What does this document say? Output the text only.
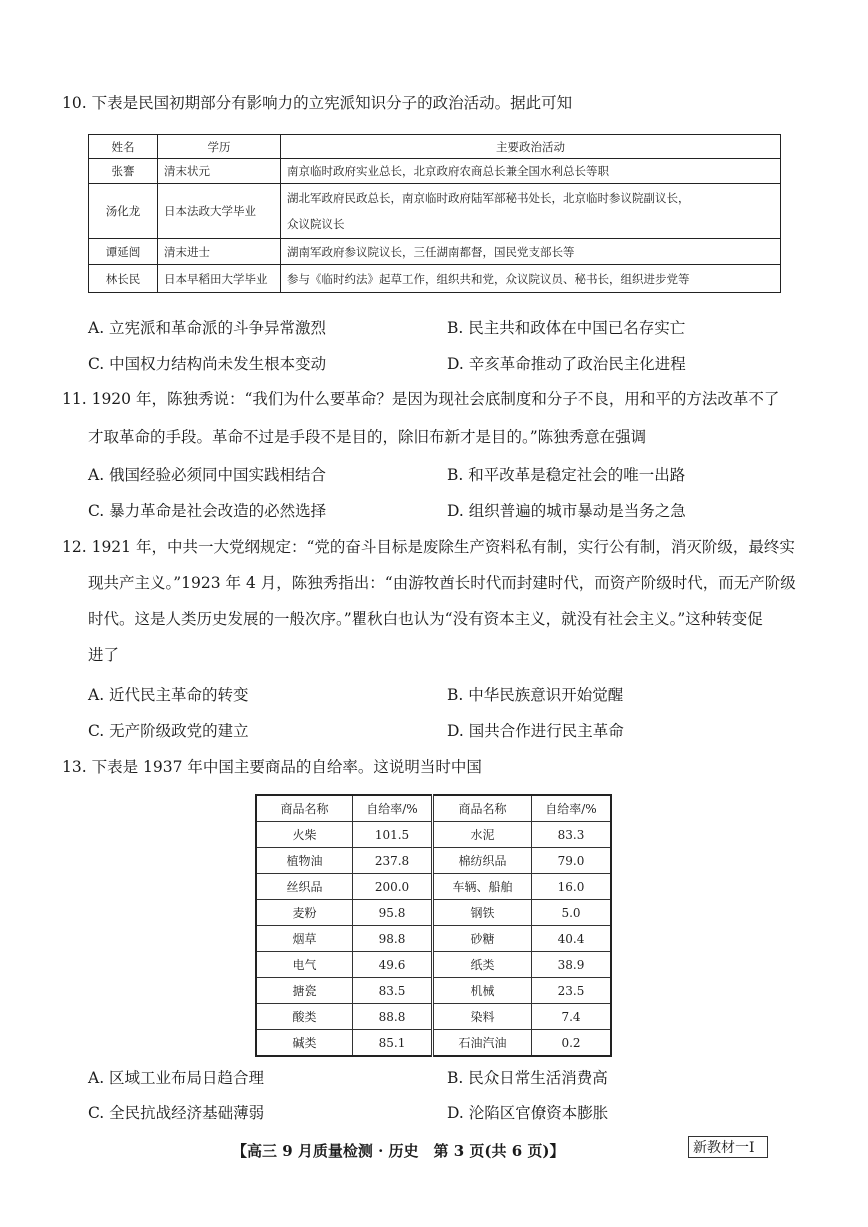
10. 下表是民国初期部分有影响力的立宪派知识分子的政治活动。据此可知
姓名	学历	主要政治活动
张謇	清末状元	南京临时政府实业总长，北京政府农商总长兼全国水利总长等职
汤化龙	日本法政大学毕业	湖北军政府民政总长，南京临时政府陆军部秘书处长，北京临时参议院副议长，
众议院议长

谭延闿	清末进士	湖南军政府参议院议长，三任湖南都督，国民党支部长等
林长民	日本早稻田大学毕业	参与《临时约法》起草工作，组织共和党，众议院议员、秘书长，组织进步党等
A. 立宪派和革命派的斗争异常激烈	B. 民主共和政体在中国已名存实亡
C. 中国权力结构尚未发生根本变动	D. 辛亥革命推动了政治民主化进程
11. 1920 年，陈独秀说：“我们为什么要革命？是因为现社会底制度和分子不良，用和平的方法改革不了
才取革命的手段。革命不过是手段不是目的，除旧布新才是目的。”陈独秀意在强调
A. 俄国经验必须同中国实践相结合	B. 和平改革是稳定社会的唯一出路
C. 暴力革命是社会改造的必然选择	D. 组织普遍的城市暴动是当务之急
12. 1921 年，中共一大党纲规定：“党的奋斗目标是废除生产资料私有制，实行公有制，消灭阶级，最终实
现共产主义。”1923 年 4 月，陈独秀指出：“由游牧酋长时代而封建时代，而资产阶级时代，而无产阶级
时代。这是人类历史发展的一般次序。”瞿秋白也认为“没有资本主义，就没有社会主义。”这种转变促
进了
A. 近代民主革命的转变	B. 中华民族意识开始觉醒
C. 无产阶级政党的建立	D. 国共合作进行民主革命
13. 下表是 1937 年中国主要商品的自给率。这说明当时中国
商品名称	自给率/%	商品名称	自给率/%
火柴	101.5	水泥	83.3
植物油	237.8	棉纺织品	79.0
丝织品	200.0	车辆、船舶	16.0
麦粉	95.8	钢铁	5.0
烟草	98.8	砂糖	40.4
电气	49.6	纸类	38.9
搪瓷	83.5	机械	23.5
酸类	88.8	染料	7.4
碱类	85.1	石油汽油	0.2
A. 区域工业布局日趋合理	B. 民众日常生活消费高
C. 全民抗战经济基础薄弱	D. 沦陷区官僚资本膨胀
【高三 9 月质量检测 · 历史　第 3 页(共 6 页)】	新教材一Ⅰ
